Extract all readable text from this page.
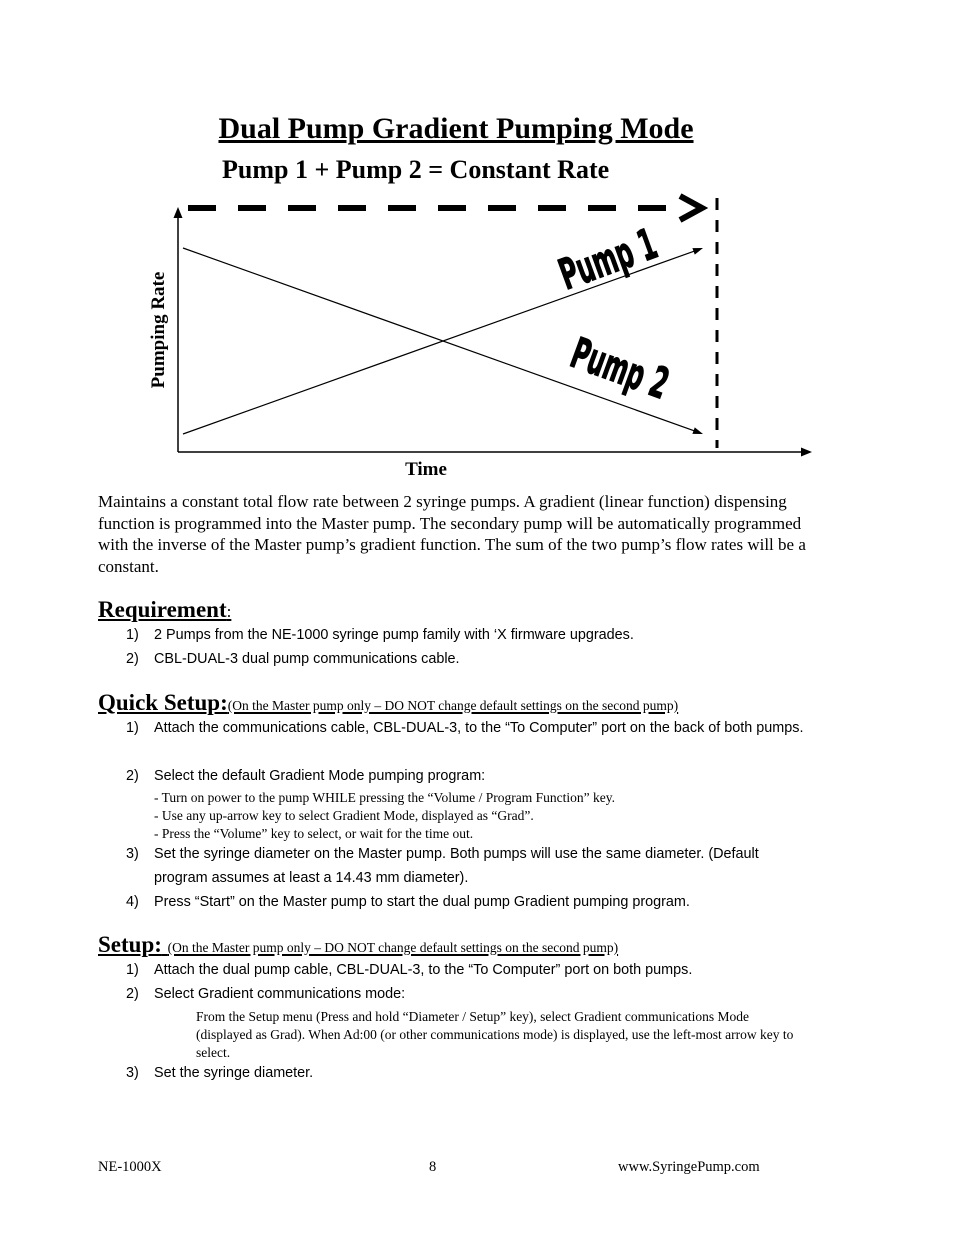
Dual Pump Gradient Pumping Mode
Pump 1 + Pump 2 = Constant Rate
Pump 1
Pump 2
Pumping Rate
Time
Maintains a constant total flow rate between 2 syringe pumps. A gradient (linear function) dispensing function is programmed into the Master pump. The secondary pump will be automatically programmed with the inverse of the Master pump’s gradient function. The sum of the two pump’s flow rates will be a constant.
Requirement:
1)	2 Pumps from the NE-1000 syringe pump family with ‘X firmware upgrades.
2)	CBL-DUAL-3 dual pump communications cable.
Quick Setup:(On the Master pump only – DO NOT change default settings on the second pump)
1)	Attach the communications cable, CBL-DUAL-3, to the “To Computer” port on the back of both pumps.
2)	Select the default Gradient Mode pumping program:
- Turn on power to the pump WHILE pressing the “Volume / Program Function” key.
- Use any up-arrow key to select Gradient Mode, displayed as “Grad”.
- Press the “Volume” key to select, or wait for the time out.
3)	Set the syringe diameter on the Master pump. Both pumps will use the same diameter. (Default program assumes at least a 14.43 mm diameter).
4)	Press “Start” on the Master pump to start the dual pump Gradient pumping program.
Setup: (On the Master pump only – DO NOT change default settings on the second pump)
1)	Attach the dual pump cable, CBL-DUAL-3, to the “To Computer” port on both pumps.
2)	Select Gradient communications mode:
From the Setup menu (Press and hold “Diameter / Setup” key), select Gradient communications Mode (displayed as Grad). When Ad:00 (or other communications mode) is displayed, use the left-most arrow key to select.
3)	Set the syringe diameter.
NE-1000X	8	www.SyringePump.com
